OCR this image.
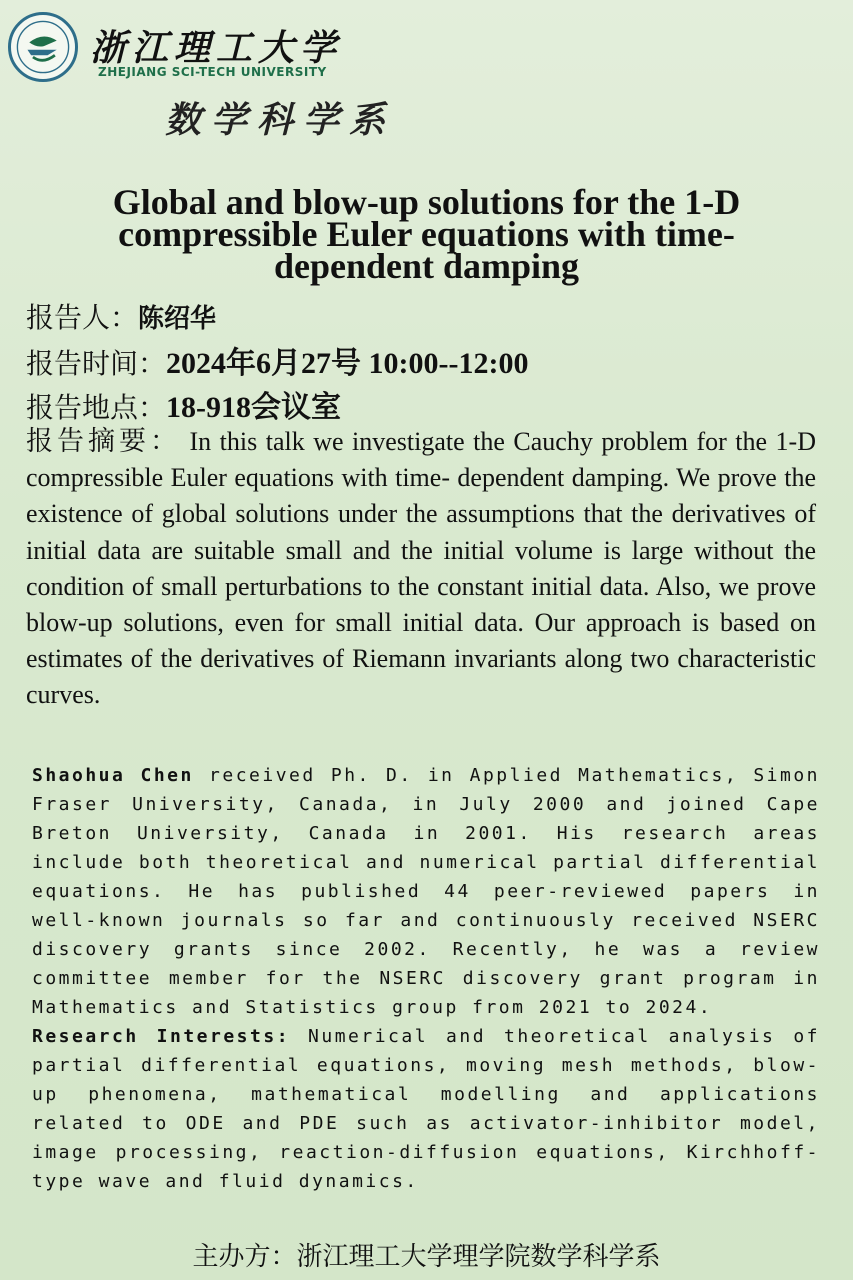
浙江理工大学
ZHEJIANG SCI-TECH UNIVERSITY
数学科学系
Global and blow-up solutions for the 1-D compressible Euler equations with time-dependent damping
报告人：陈绍华
报告时间：2024年6月27号 10:00--12:00
报告地点：18-918会议室

报告摘要： In this talk we investigate the Cauchy problem for the 1-D compressible Euler equations with time- dependent damping. We prove the existence of global solutions under the assumptions that the derivatives of initial data are suitable small and the initial volume is large without the condition of small perturbations to the constant initial data. Also, we prove blow-up solutions, even for small initial data. Our approach is based on estimates of the derivatives of Riemann invariants along two characteristic curves.

Shaohua Chen received Ph. D. in Applied Mathematics, Simon Fraser University, Canada, in July 2000 and joined Cape Breton University, Canada in 2001. His research areas include both theoretical and numerical partial differential equations. He has published 44 peer-reviewed papers in well-known journals so far and continuously received NSERC discovery grants since 2002. Recently, he was a review committee member for the NSERC discovery grant program in Mathematics and Statistics group from 2021 to 2024.
Research Interests: Numerical and theoretical analysis of partial differential equations, moving mesh methods, blow-up phenomena, mathematical modelling and applications related to ODE and PDE such as activator-inhibitor model, image processing, reaction-diffusion equations, Kirchhoff-type wave and fluid dynamics.

主办方：浙江理工大学理学院数学科学系
